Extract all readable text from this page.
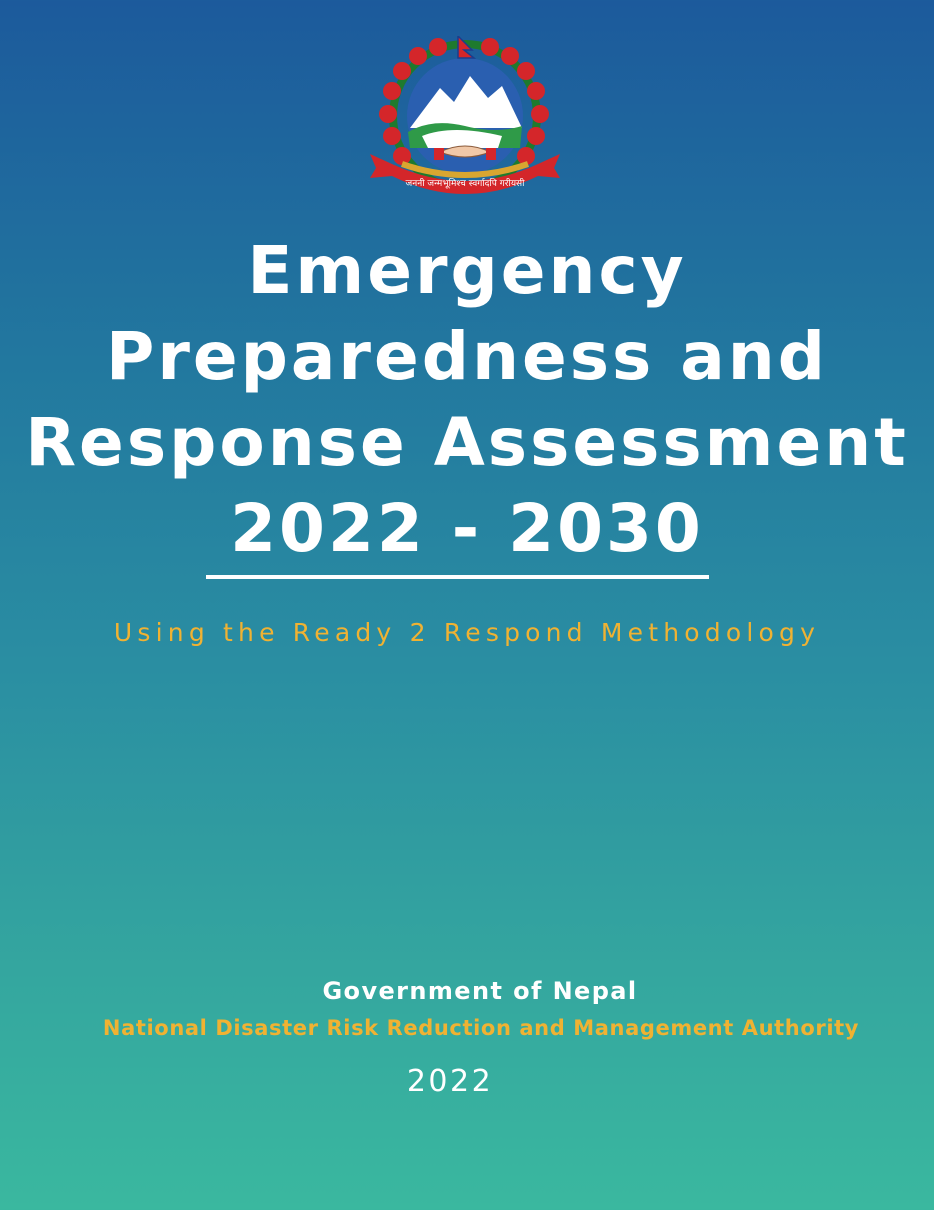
जननी जन्मभूमिश्च स्वर्गादपि गरीयसी
Emergency
Preparedness and
Response Assessment
2022 - 2030
Using the Ready 2 Respond Methodology
Government of Nepal
National Disaster Risk Reduction and Management Authority
2022
